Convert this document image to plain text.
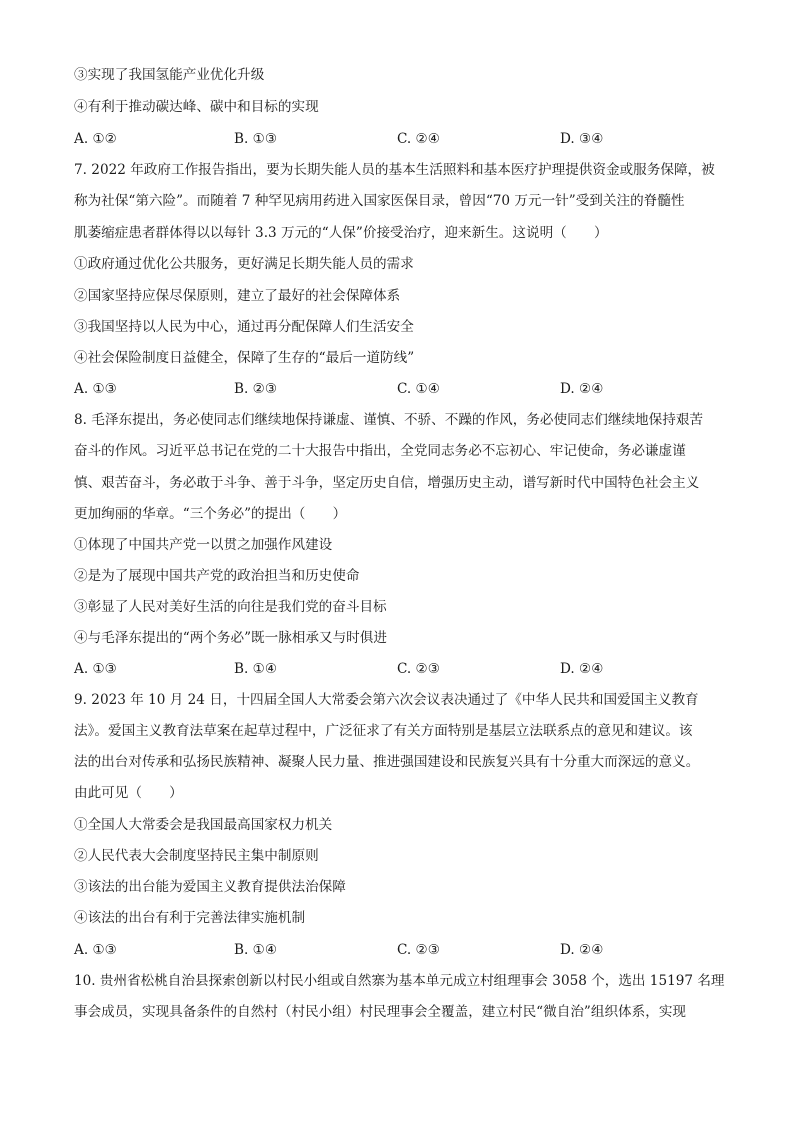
③实现了我国氢能产业优化升级
④有利于推动碳达峰、碳中和目标的实现
A. ①②	B. ①③	C. ②④	D. ③④
7. 2022 年政府工作报告指出，要为长期失能人员的基本生活照料和基本医疗护理提供资金或服务保障，被
称为社保“第六险”。而随着 7 种罕见病用药进入国家医保目录，曾因“70 万元一针”受到关注的脊髓性
肌萎缩症患者群体得以以每针 3.3 万元的“人保”价接受治疗，迎来新生。这说明（　　）
①政府通过优化公共服务，更好满足长期失能人员的需求
②国家坚持应保尽保原则，建立了最好的社会保障体系
③我国坚持以人民为中心，通过再分配保障人们生活安全
④社会保险制度日益健全，保障了生存的“最后一道防线”
A. ①③	B. ②③	C. ①④	D. ②④
8. 毛泽东提出，务必使同志们继续地保持谦虚、谨慎、不骄、不躁的作风，务必使同志们继续地保持艰苦
奋斗的作风。习近平总书记在党的二十大报告中指出，全党同志务必不忘初心、牢记使命，务必谦虚谨
慎、艰苦奋斗，务必敢于斗争、善于斗争，坚定历史自信，增强历史主动，谱写新时代中国特色社会主义
更加绚丽的华章。“三个务必”的提出（　　）
①体现了中国共产党一以贯之加强作风建设
②是为了展现中国共产党的政治担当和历史使命
③彰显了人民对美好生活的向往是我们党的奋斗目标
④与毛泽东提出的“两个务必”既一脉相承又与时俱进
A. ①③	B. ①④	C. ②③	D. ②④
9. 2023 年 10 月 24 日，十四届全国人大常委会第六次会议表决通过了《中华人民共和国爱国主义教育
法》。爱国主义教育法草案在起草过程中，广泛征求了有关方面特别是基层立法联系点的意见和建议。该
法的出台对传承和弘扬民族精神、凝聚人民力量、推进强国建设和民族复兴具有十分重大而深远的意义。
由此可见（　　）
①全国人大常委会是我国最高国家权力机关
②人民代表大会制度坚持民主集中制原则
③该法的出台能为爱国主义教育提供法治保障
④该法的出台有利于完善法律实施机制
A. ①③	B. ①④	C. ②③	D. ②④
10. 贵州省松桃自治县探索创新以村民小组或自然寨为基本单元成立村组理事会 3058 个，选出 15197 名理
事会成员，实现具备条件的自然村（村民小组）村民理事会全覆盖，建立村民“微自治”组织体系，实现
